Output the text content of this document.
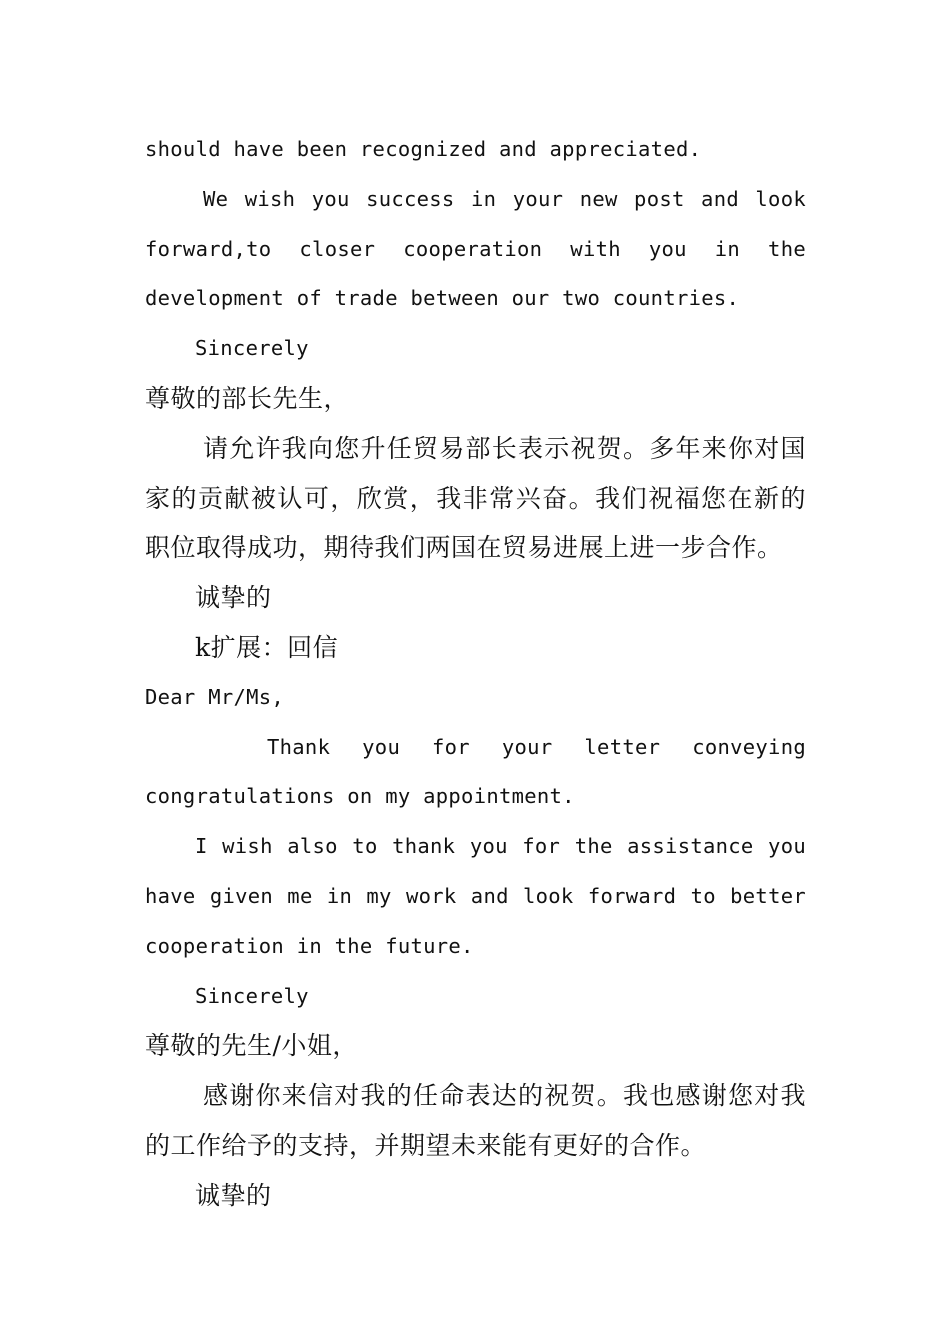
should have been recognized and appreciated.

We wish you success in your new post and look

forward,to closer cooperation with you in the

development of trade between our two countries.

Sincerely

尊敬的部长先生，

请允许我向您升任贸易部长表示祝贺。多年来你对国

家的贡献被认可，欣赏，我非常兴奋。我们祝福您在新的

职位取得成功，期待我们两国在贸易进展上进一步合作。

诚挚的

k扩展：回信

Dear Mr/Ms,

Thank you for your letter conveying

congratulations on my appointment.

I wish also to thank you for the assistance you

have given me in my work and look forward to better

cooperation in the future.

Sincerely

尊敬的先生/小姐，

感谢你来信对我的任命表达的祝贺。我也感谢您对我

的工作给予的支持，并期望未来能有更好的合作。

诚挚的
